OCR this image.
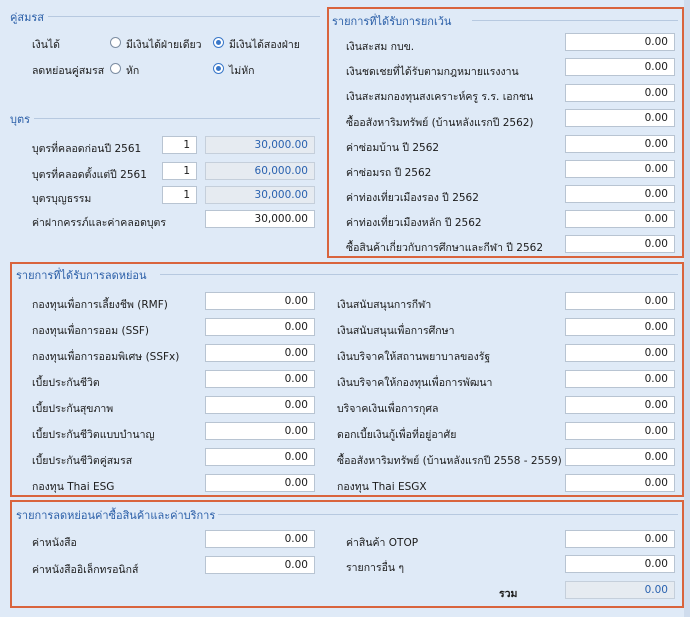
คู่สมรส
เงินได้	มีเงินได้ฝ่ายเดียว	มีเงินได้สองฝ่าย
ลดหย่อนคู่สมรส หัก	ไม่หัก
บุตร
บุตรที่คลอดก่อนปี 2561	1	30,000.00
บุตรที่คลอดตั้งแต่ปี 2561	1	60,000.00
บุตรบุญธรรม	1	30,000.00
ค่าฝากครรภ์และค่าคลอดบุตร	30,000.00
รายการที่ได้รับการยกเว้น
เงินสะสม กบข.	0.00
เงินชดเชยที่ได้รับตามกฎหมายแรงงาน	0.00
เงินสะสมกองทุนสงเคราะห์ครู ร.ร. เอกชน	0.00
ซื้ออสังหาริมทรัพย์ (บ้านหลังแรกปี 2562)	0.00
ค่าซ่อมบ้าน ปี 2562	0.00
ค่าซ่อมรถ ปี 2562	0.00
ค่าท่องเที่ยวเมืองรอง ปี 2562	0.00
ค่าท่องเที่ยวเมืองหลัก ปี 2562	0.00
ซื้อสินค้าเกี่ยวกับการศึกษาและกีฬา ปี 2562	0.00
รายการที่ได้รับการลดหย่อน
กองทุนเพื่อการเลี้ยงชีพ (RMF)	0.00
กองทุนเพื่อการออม (SSF)	0.00
กองทุนเพื่อการออมพิเศษ (SSFx)	0.00
เบี้ยประกันชีวิต	0.00
เบี้ยประกันสุขภาพ	0.00
เบี้ยประกันชีวิตแบบบำนาญ	0.00
เบี้ยประกันชีวิตคู่สมรส	0.00
กองทุน Thai ESG	0.00
เงินสนับสนุนการกีฬา	0.00
เงินสนับสนุนเพื่อการศึกษา	0.00
เงินบริจาคให้สถานพยาบาลของรัฐ	0.00
เงินบริจาคให้กองทุนเพื่อการพัฒนา	0.00
บริจาคเงินเพื่อการกุศล	0.00
ดอกเบี้ยเงินกู้เพื่อที่อยู่อาศัย	0.00
ซื้ออสังหาริมทรัพย์ (บ้านหลังแรกปี 2558 - 2559)	0.00
กองทุน Thai ESGX	0.00
รายการลดหย่อนค่าซื้อสินค้าและค่าบริการ
ค่าหนังสือ	0.00
ค่าหนังสืออิเล็กทรอนิกส์	0.00
ค่าสินค้า OTOP	0.00
รายการอื่น ๆ	0.00
รวม	0.00
